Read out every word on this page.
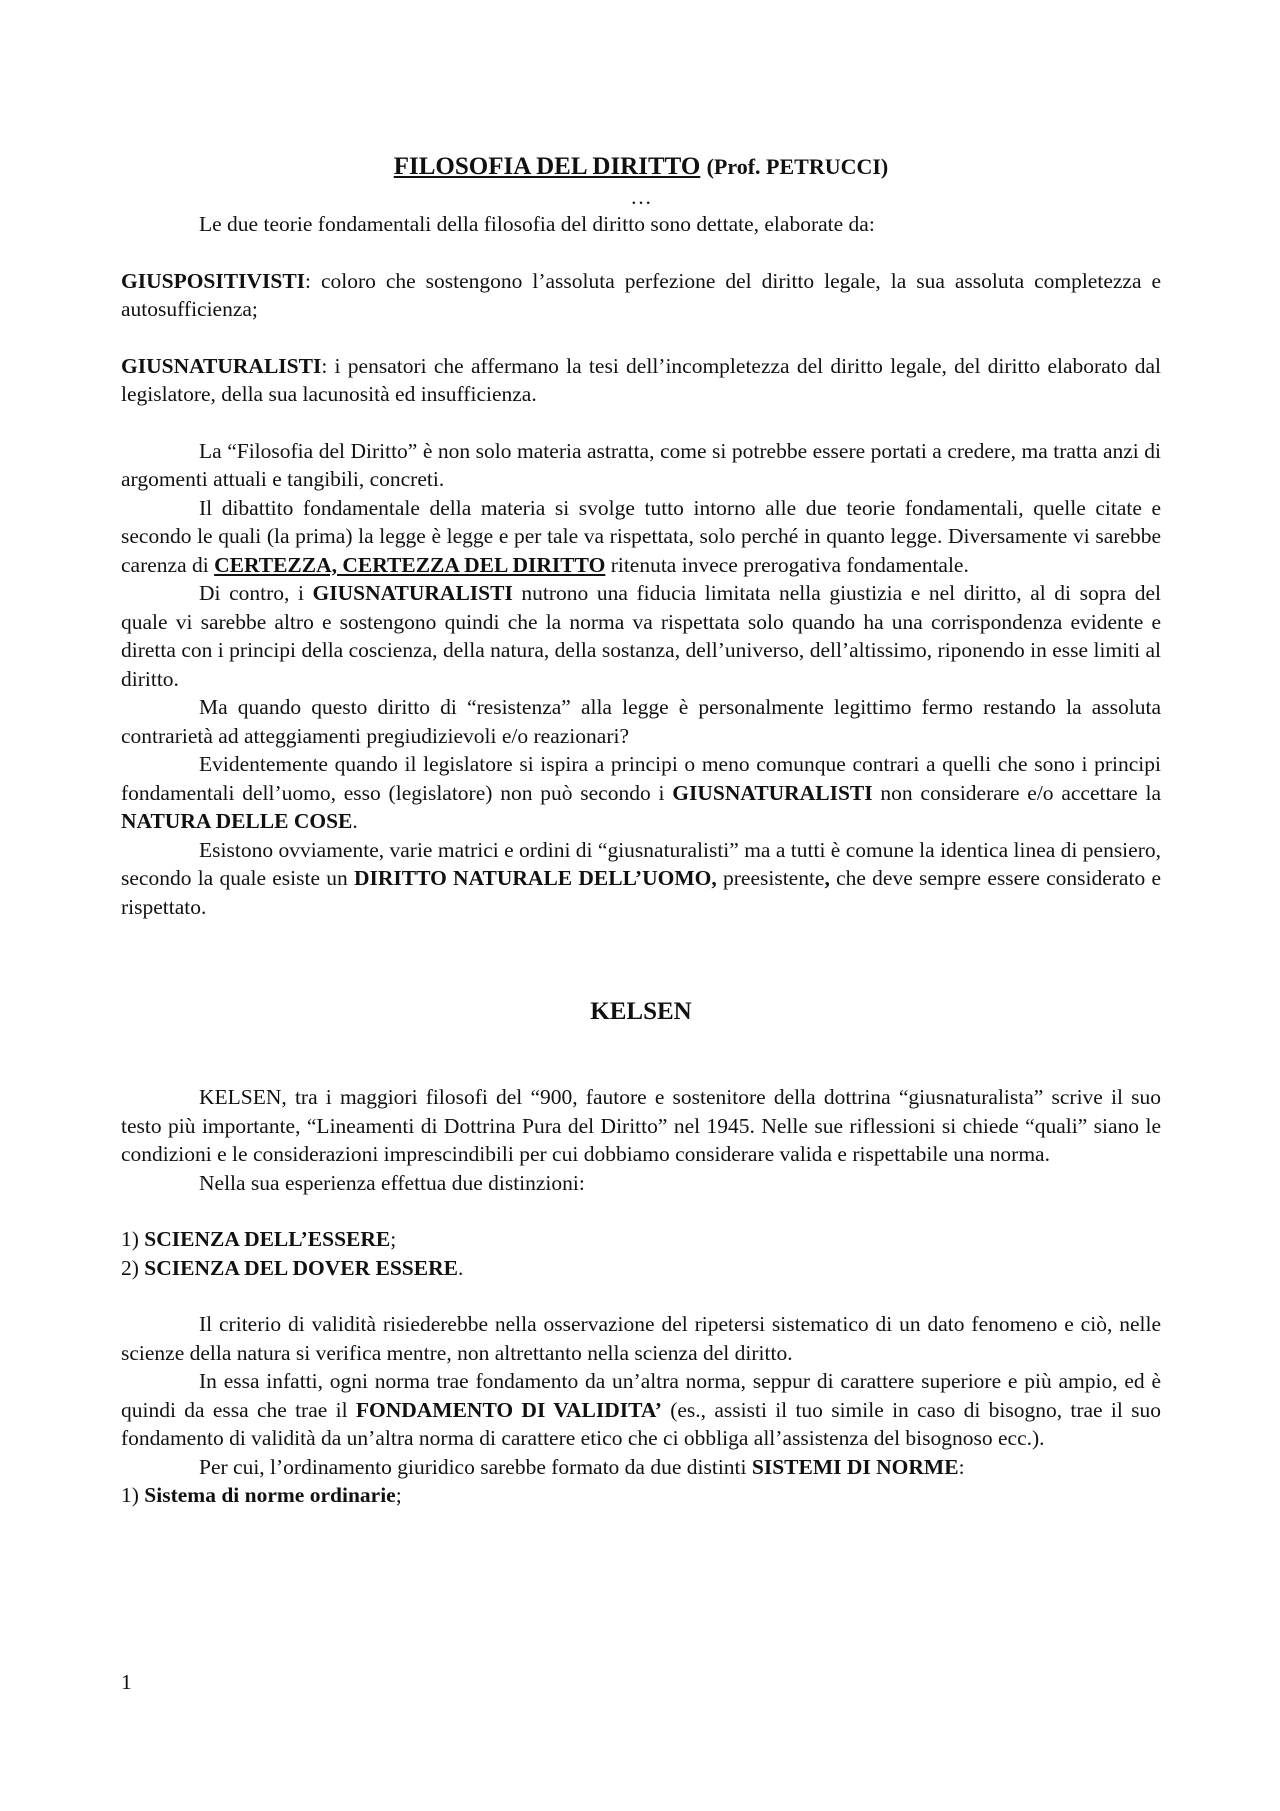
FILOSOFIA DEL DIRITTO (Prof. PETRUCCI)

…

Le due teorie fondamentali della filosofia del diritto sono dettate, elaborate da:

GIUSPOSITIVISTI: coloro che sostengono l’assoluta perfezione del diritto legale, la sua assoluta completezza e autosufficienza;

GIUSNATURALISTI: i pensatori che affermano la tesi dell’incompletezza del diritto legale, del diritto elaborato dal legislatore, della sua lacunosità ed insufficienza.

La “Filosofia del Diritto” è non solo materia astratta, come si potrebbe essere portati a credere, ma tratta anzi di argomenti attuali e tangibili, concreti.

Il dibattito fondamentale della materia si svolge tutto intorno alle due teorie fondamentali, quelle citate e secondo le quali (la prima) la legge è legge e per tale va rispettata, solo perché in quanto legge. Diversamente vi sarebbe carenza di CERTEZZA, CERTEZZA DEL DIRITTO ritenuta invece prerogativa fondamentale.

Di contro, i GIUSNATURALISTI nutrono una fiducia limitata nella giustizia e nel diritto, al di sopra del quale vi sarebbe altro e sostengono quindi che la norma va rispettata solo quando ha una corrispondenza evidente e diretta con i principi della coscienza, della natura, della sostanza, dell’universo, dell’altissimo, riponendo in esse limiti al diritto.

Ma quando questo diritto di “resistenza” alla legge è personalmente legittimo fermo restando la assoluta contrarietà ad atteggiamenti pregiudizievoli e/o reazionari?

Evidentemente quando il legislatore si ispira a principi o meno comunque contrari a quelli che sono i principi fondamentali dell’uomo, esso (legislatore) non può secondo i GIUSNATURALISTI non considerare e/o accettare la NATURA DELLE COSE.

Esistono ovviamente, varie matrici e ordini di “giusnaturalisti” ma a tutti è comune la identica linea di pensiero, secondo la quale esiste un DIRITTO NATURALE DELL’UOMO, preesistente, che deve sempre essere considerato e rispettato.

KELSEN

KELSEN, tra i maggiori filosofi del “900, fautore e sostenitore della dottrina “giusnaturalista” scrive il suo testo più importante, “Lineamenti di Dottrina Pura del Diritto” nel 1945. Nelle sue riflessioni si chiede “quali” siano le condizioni e le considerazioni imprescindibili per cui dobbiamo considerare valida e rispettabile una norma.

Nella sua esperienza effettua due distinzioni:

1) SCIENZA DELL’ESSERE;

2) SCIENZA DEL DOVER ESSERE.

Il criterio di validità risiederebbe nella osservazione del ripetersi sistematico di un dato fenomeno e ciò, nelle scienze della natura si verifica mentre, non altrettanto nella scienza del diritto.

In essa infatti, ogni norma trae fondamento da un’altra norma, seppur di carattere superiore e più ampio, ed è quindi da essa che trae il FONDAMENTO DI VALIDITA’ (es., assisti il tuo simile in caso di bisogno, trae il suo fondamento di validità da un’altra norma di carattere etico che ci obbliga all’assistenza del bisognoso ecc.).

Per cui, l’ordinamento giuridico sarebbe formato da due distinti SISTEMI DI NORME:

1) Sistema di norme ordinarie;

1
